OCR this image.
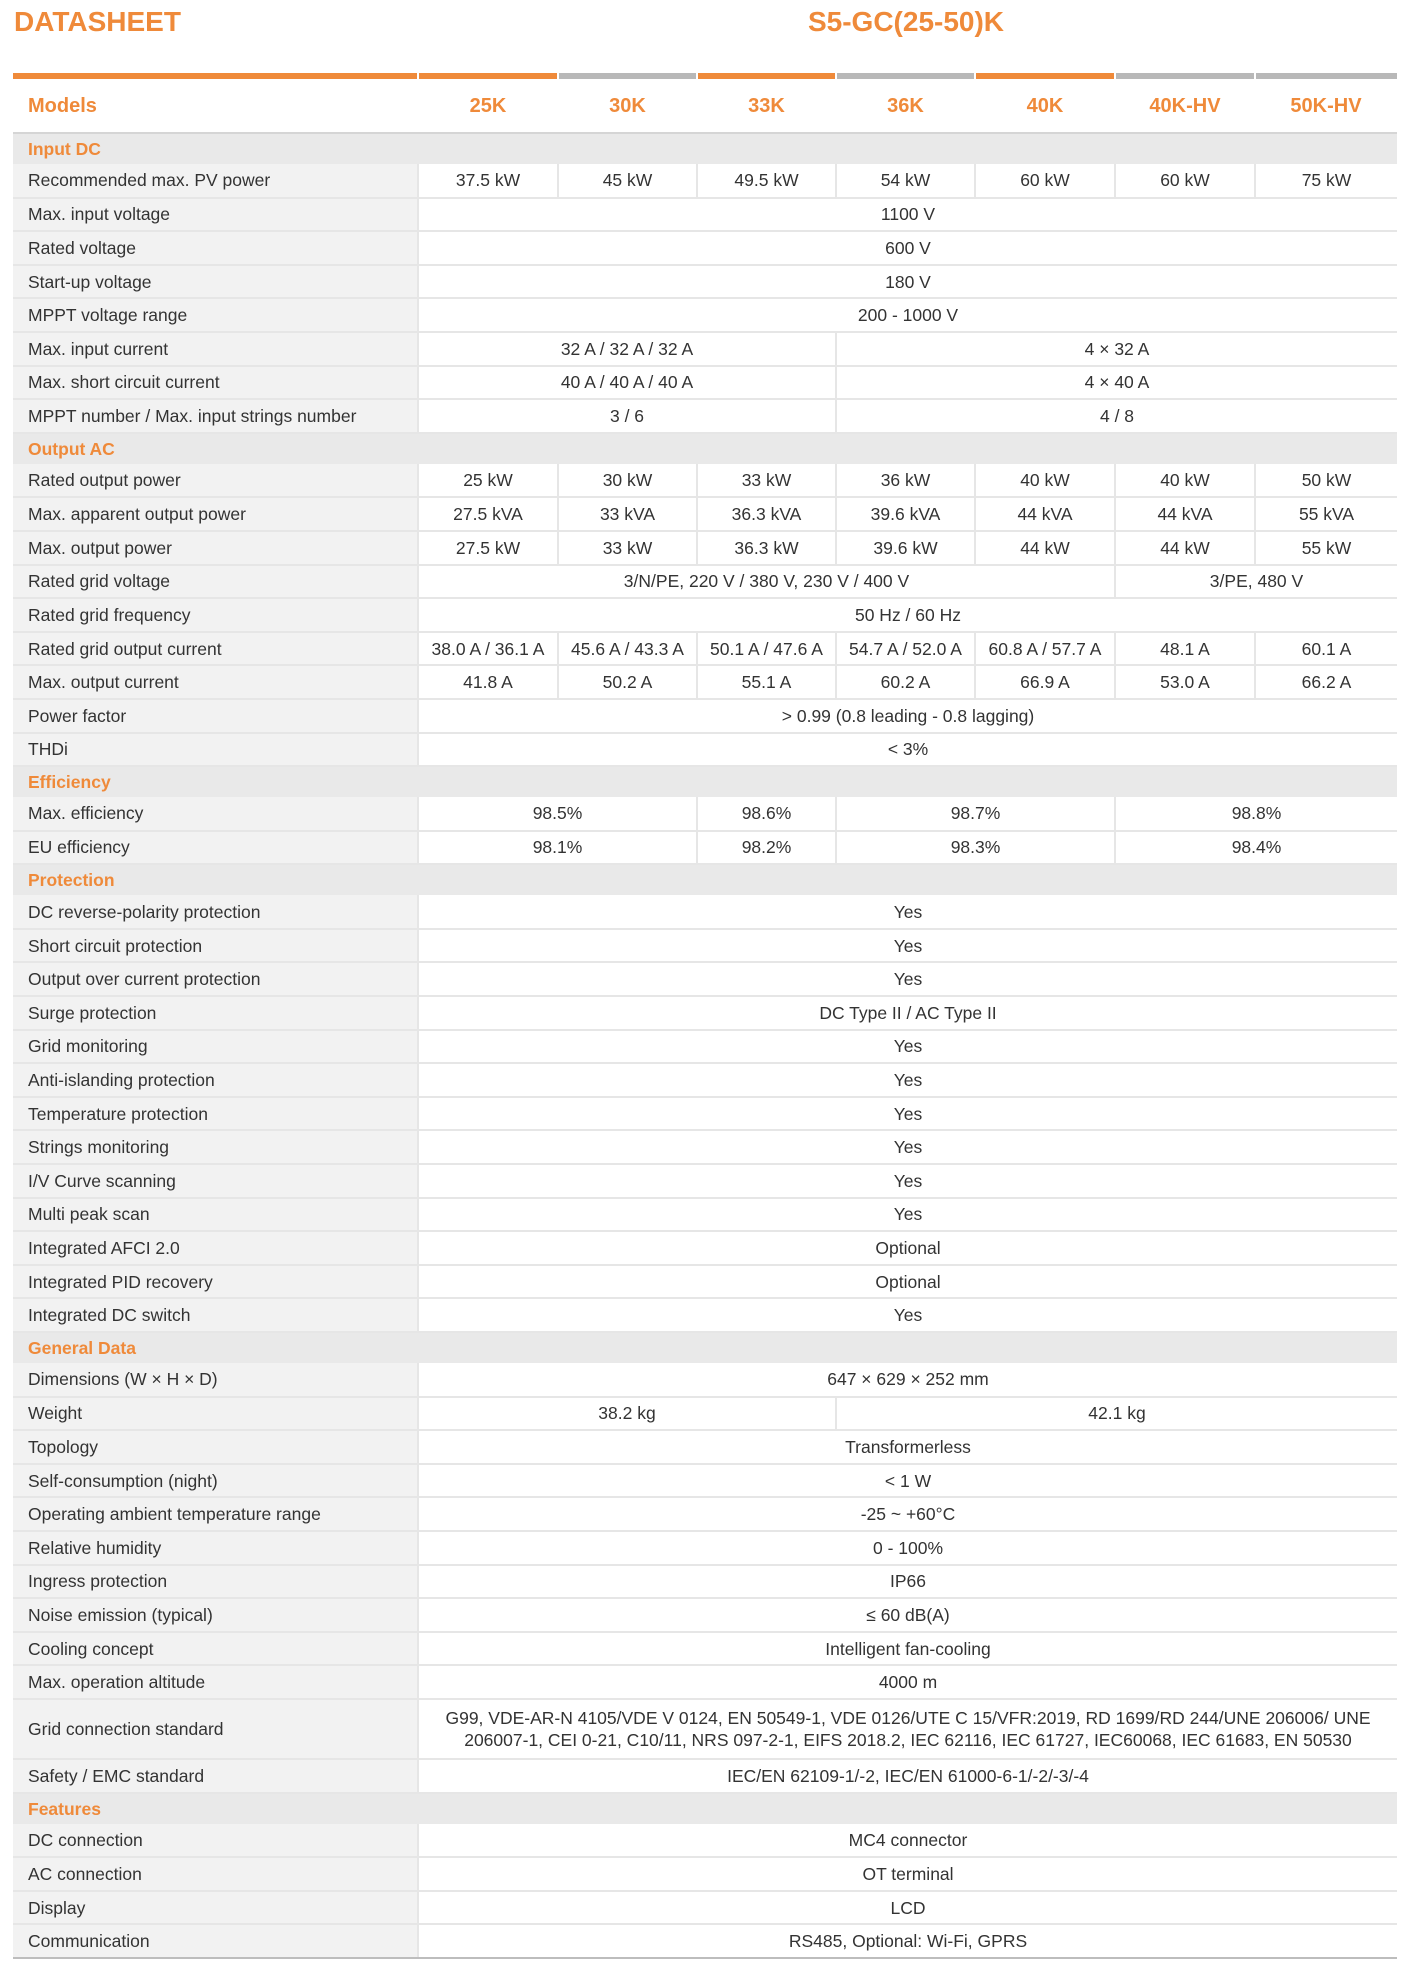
DATASHEET	S5-GC(25-50)K
Models	25K	30K	33K	36K	40K	40K-HV	50K-HV
Input DC							
Recommended max. PV power	37.5 kW	45 kW	49.5 kW	54 kW	60 kW	60 kW	75 kW
Max. input voltage	1100 V						
Rated voltage	600 V						
Start-up voltage	180 V						
MPPT voltage range	200 - 1000 V						
Max. input current	32 A / 32 A / 32 A			4 × 32 A			
Max. short circuit current	40 A / 40 A / 40 A			4 × 40 A			
MPPT number / Max. input strings number	3 / 6			4 / 8			
Output AC							
Rated output power	25 kW	30 kW	33 kW	36 kW	40 kW	40 kW	50 kW
Max. apparent output power	27.5 kVA	33 kVA	36.3 kVA	39.6 kVA	44 kVA	44 kVA	55 kVA
Max. output power	27.5 kW	33 kW	36.3 kW	39.6 kW	44 kW	44 kW	55 kW
Rated grid voltage	3/N/PE, 220 V / 380 V, 230 V / 400 V					3/PE, 480 V	
Rated grid frequency	50 Hz / 60 Hz						
Rated grid output current	38.0 A / 36.1 A	45.6 A / 43.3 A	50.1 A / 47.6 A	54.7 A / 52.0 A	60.8 A / 57.7 A	48.1 A	60.1 A
Max. output current	41.8 A	50.2 A	55.1 A	60.2 A	66.9 A	53.0 A	66.2 A
Power factor	> 0.99 (0.8 leading - 0.8 lagging)						
THDi	< 3%						
Efficiency							
Max. efficiency	98.5%		98.6%	98.7%		98.8%	
EU efficiency	98.1%		98.2%	98.3%		98.4%	
Protection							
DC reverse-polarity protection	Yes						
Short circuit protection	Yes						
Output over current protection	Yes						
Surge protection	DC Type II / AC Type II						
Grid monitoring	Yes						
Anti-islanding protection	Yes						
Temperature protection	Yes						
Strings monitoring	Yes						
I/V Curve scanning	Yes						
Multi peak scan	Yes						
Integrated AFCI 2.0	Optional						
Integrated PID recovery	Optional						
Integrated DC switch	Yes						
General Data							
Dimensions (W × H × D)	647 × 629 × 252 mm						
Weight	38.2 kg			42.1 kg			
Topology	Transformerless						
Self-consumption (night)	< 1 W						
Operating ambient temperature range	-25 ~ +60°C						
Relative humidity	0 - 100%						
Ingress protection	IP66						
Noise emission (typical)	≤ 60 dB(A)						
Cooling concept	Intelligent fan-cooling						
Max. operation altitude	4000 m						
Grid connection standard	G99, VDE-AR-N 4105/VDE V 0124, EN 50549-1, VDE 0126/UTE C 15/VFR:2019, RD 1699/RD 244/UNE 206006/ UNE 206007-1, CEI 0-21, C10/11, NRS 097-2-1, EIFS 2018.2, IEC 62116, IEC 61727, IEC60068, IEC 61683, EN 50530						
Safety / EMC standard	IEC/EN 62109-1/-2, IEC/EN 61000-6-1/-2/-3/-4						
Features							
DC connection	MC4 connector						
AC connection	OT terminal						
Display	LCD						
Communication	RS485, Optional: Wi-Fi, GPRS						
